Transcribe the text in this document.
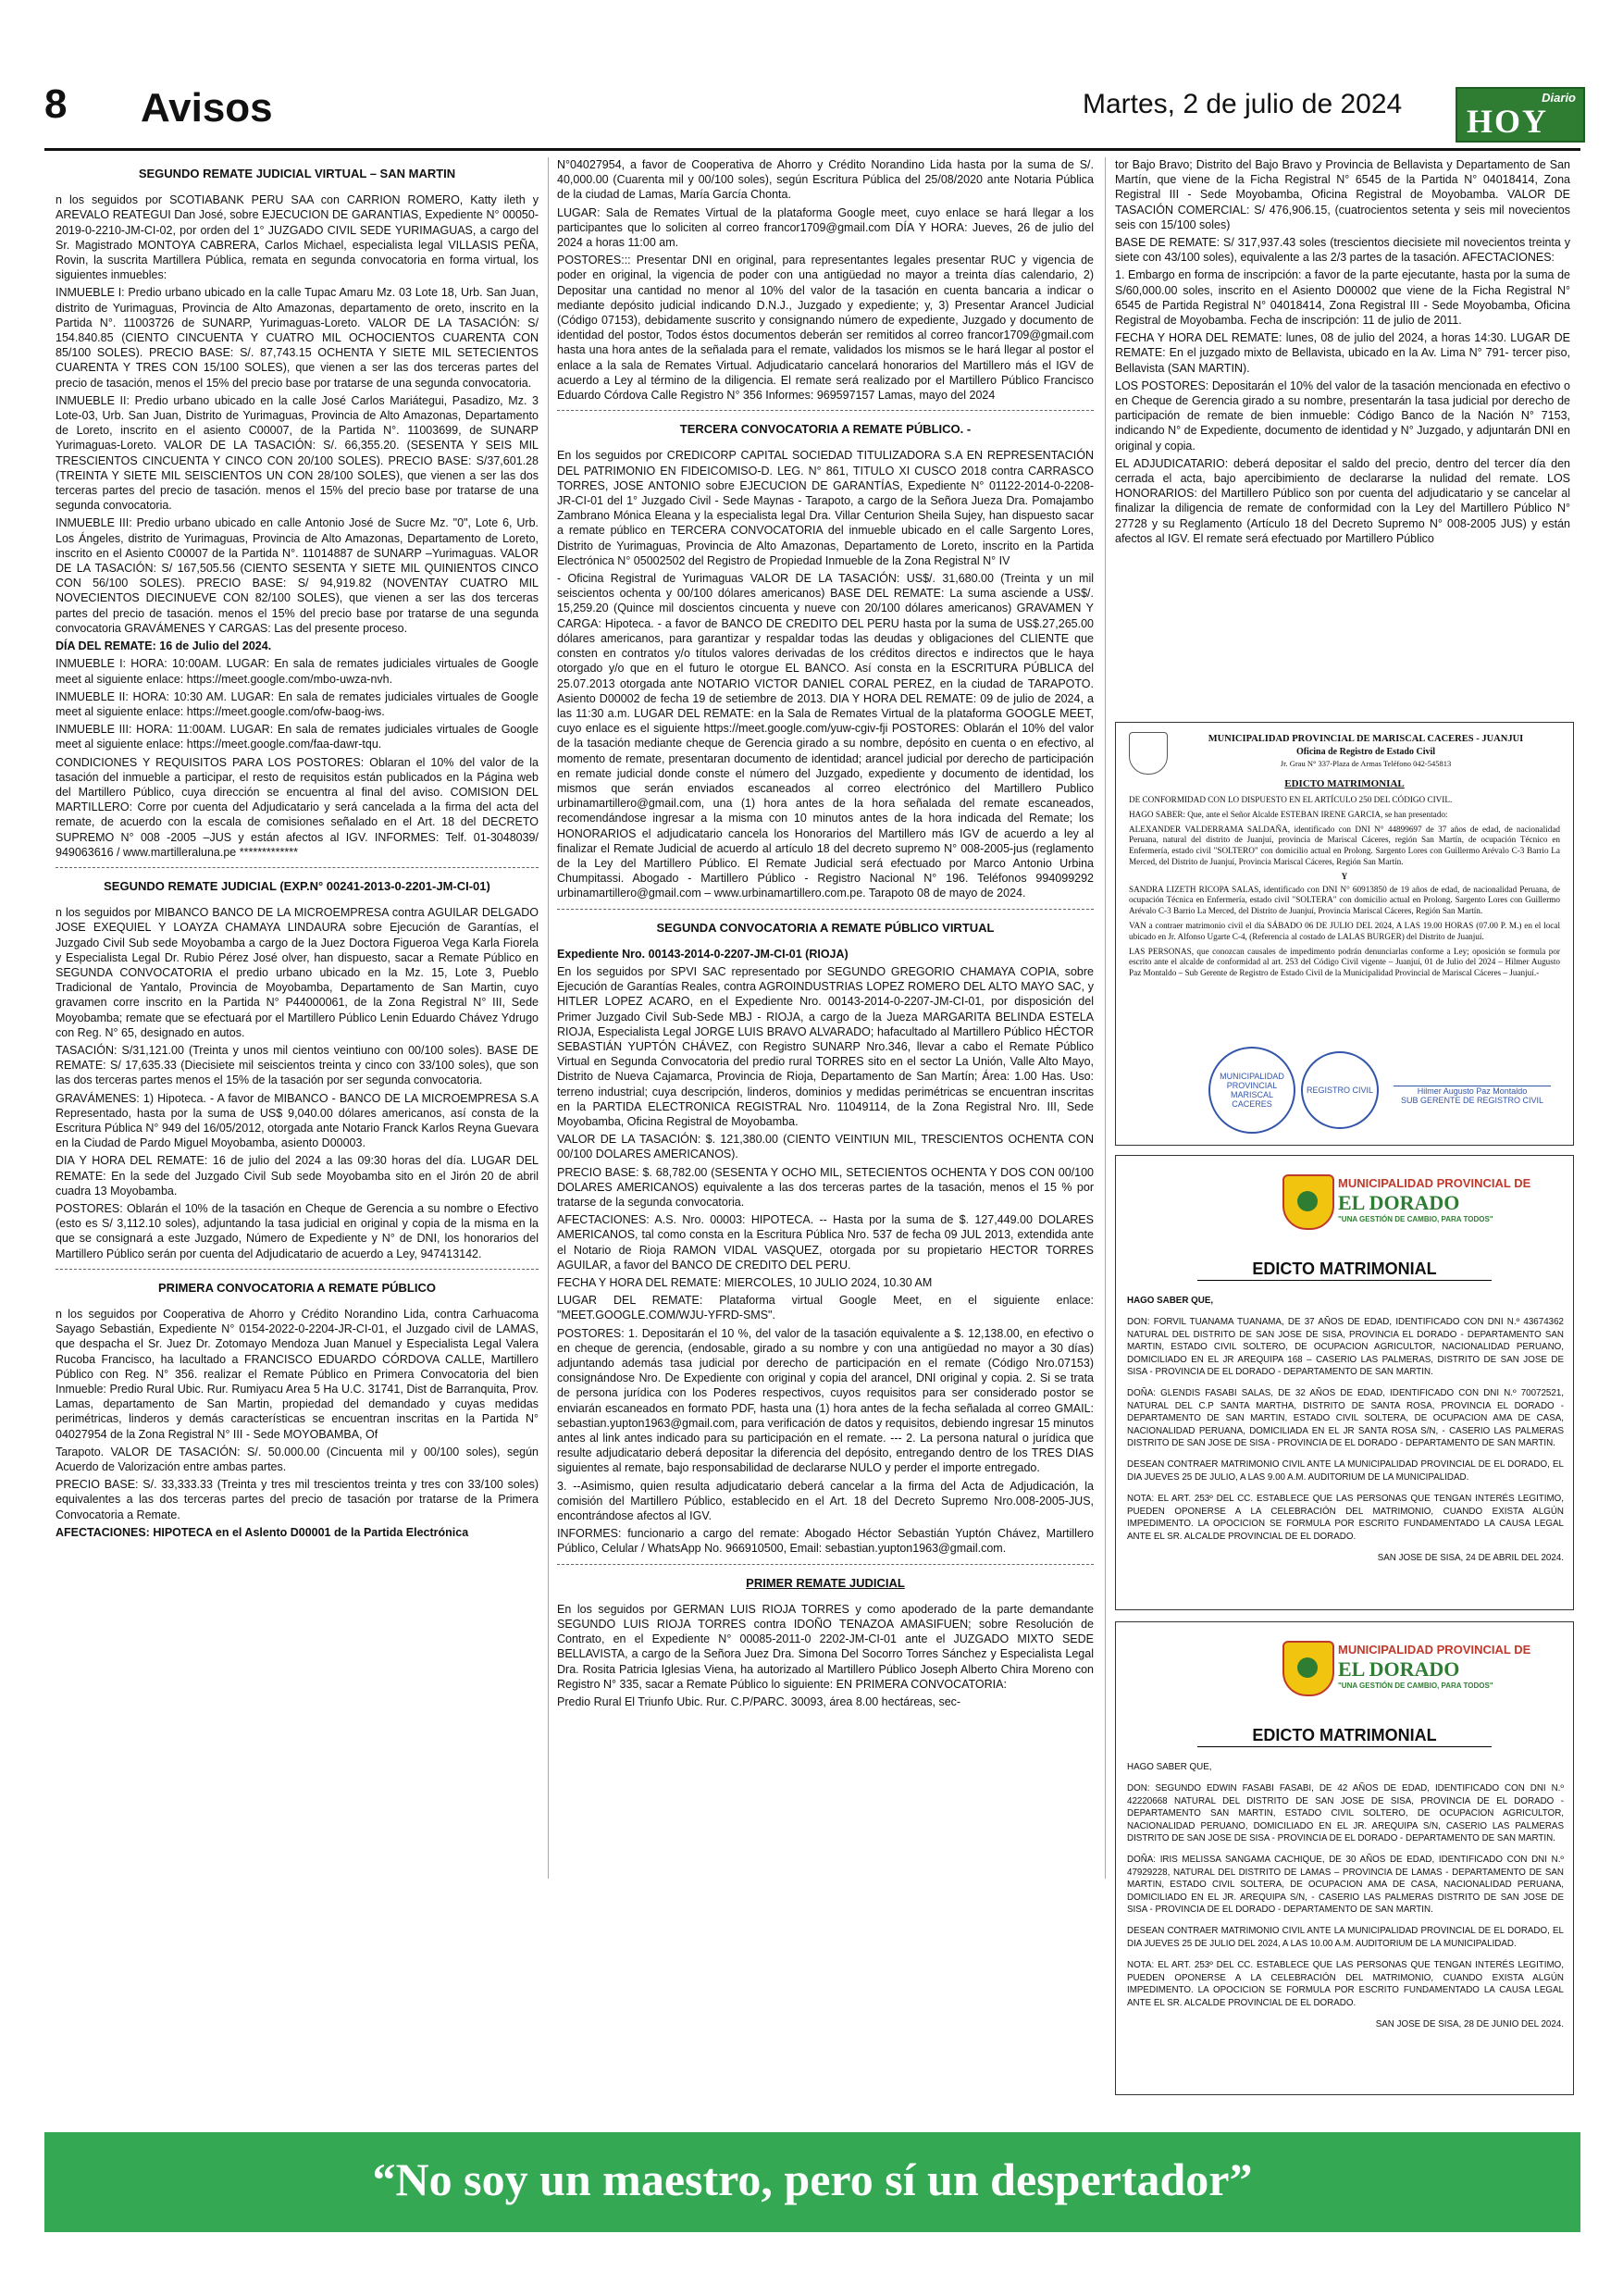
8 Avisos	Martes, 2 de julio de 2024	Diario
HOY
SEGUNDO REMATE JUDICIAL VIRTUAL – SAN MARTIN

n los seguidos por SCOTIABANK PERU SAA con CARRION ROMERO, Katty ileth y AREVALO REATEGUI Dan José, sobre EJECUCION DE GARANTIAS, Expediente N° 00050-2019-0-2210-JM-CI-02, por orden del 1° JUZGADO CIVIL SEDE YURIMAGUAS, a cargo del Sr. Magistrado MONTOYA CABRERA, Carlos Michael, especialista legal VILLASIS PEÑA, Rovin, la suscrita Martillera Pública, remata en segunda convocatoria en forma virtual, los siguientes inmuebles:

INMUEBLE I: Predio urbano ubicado en la calle Tupac Amaru Mz. 03 Lote 18, Urb. San Juan, distrito de Yurimaguas, Provincia de Alto Amazonas, departamento de oreto, inscrito en la Partida N°. 11003726 de SUNARP, Yurimaguas-Loreto. VALOR DE LA TASACIÓN: S/ 154.840.85 (CIENTO CINCUENTA Y CUATRO MIL OCHOCIENTOS CUARENTA CON 85/100 SOLES). PRECIO BASE: S/. 87,743.15 OCHENTA Y SIETE MIL SETECIENTOS CUARENTA Y TRES CON 15/100 SOLES), que vienen a ser las dos terceras partes del precio de tasación, menos el 15% del precio base por tratarse de una segunda convocatoria.

INMUEBLE II: Predio urbano ubicado en la calle José Carlos Mariátegui, Pasadizo, Mz. 3 Lote-03, Urb. San Juan, Distrito de Yurimaguas, Provincia de Alto Amazonas, Departamento de Loreto, inscrito en el asiento C00007, de la Partida N°. 11003699, de SUNARP Yurimaguas-Loreto. VALOR DE LA TASACIÓN: S/. 66,355.20. (SESENTA Y SEIS MIL TRESCIENTOS CINCUENTA Y CINCO CON 20/100 SOLES). PRECIO BASE: S/37,601.28 (TREINTA Y SIETE MIL SEISCIENTOS UN CON 28/100 SOLES), que vienen a ser las dos terceras partes del precio de tasación. menos el 15% del precio base por tratarse de una segunda convocatoria.

INMUEBLE III: Predio urbano ubicado en calle Antonio José de Sucre Mz. "0", Lote 6, Urb. Los Ángeles, distrito de Yurimaguas, Provincia de Alto Amazonas, Departamento de Loreto, inscrito en el Asiento C00007 de la Partida N°. 11014887 de SUNARP –Yurimaguas. VALOR DE LA TASACIÓN: S/ 167,505.56 (CIENTO SESENTA Y SIETE MIL QUINIENTOS CINCO CON 56/100 SOLES). PRECIO BASE: S/ 94,919.82 (NOVENTAY CUATRO MIL NOVECIENTOS DIECINUEVE CON 82/100 SOLES), que vienen a ser las dos terceras partes del precio de tasación. menos el 15% del precio base por tratarse de una segunda convocatoria GRAVÁMENES Y CARGAS: Las del presente proceso.

DÍA DEL REMATE: 16 de Julio del 2024.

INMUEBLE I: HORA: 10:00AM. LUGAR: En sala de remates judiciales virtuales de Google meet al siguiente enlace: https://meet.google.com/mbo-uwza-nvh.

INMUEBLE II: HORA: 10:30 AM. LUGAR: En sala de remates judiciales virtuales de Google meet al siguiente enlace: https://meet.google.com/ofw-baog-iws.

INMUEBLE III: HORA: 11:00AM. LUGAR: En sala de remates judiciales virtuales de Google meet al siguiente enlace: https://meet.google.com/faa-dawr-tqu.

CONDICIONES Y REQUISITOS PARA LOS POSTORES: Oblaran el 10% del valor de la tasación del inmueble a participar, el resto de requisitos están publicados en la Página web del Martillero Público, cuya dirección se encuentra al final del aviso. COMISION DEL MARTILLERO: Corre por cuenta del Adjudicatario y será cancelada a la firma del acta del remate, de acuerdo con la escala de comisiones señalado en el Art. 18 del DECRETO SUPREMO N° 008 -2005 –JUS y están afectos al IGV. INFORMES: Telf. 01-3048039/ 949063616 / www.martilleraluna.pe *************

SEGUNDO REMATE JUDICIAL (EXP.N° 00241-2013-0-2201-JM-CI-01)

n los seguidos por MIBANCO BANCO DE LA MICROEMPRESA contra AGUILAR DELGADO JOSE EXEQUIEL Y LOAYZA CHAMAYA LINDAURA sobre Ejecución de Garantías, el Juzgado Civil Sub sede Moyobamba a cargo de la Juez Doctora Figueroa Vega Karla Fiorela y Especialista Legal Dr. Rubio Pérez José olver, han dispuesto, sacar a Remate Público en SEGUNDA CONVOCATORIA el predio urbano ubicado en la Mz. 15, Lote 3, Pueblo Tradicional de Yantalo, Provincia de Moyobamba, Departamento de San Martin, cuyo gravamen corre inscrito en la Partida N° P44000061, de la Zona Registral N° III, Sede Moyobamba; remate que se efectuará por el Martillero Público Lenin Eduardo Chávez Ydrugo con Reg. N° 65, designado en autos.

TASACIÓN: S/31,121.00 (Treinta y unos mil cientos veintiuno con 00/100 soles). BASE DE REMATE: S/ 17,635.33 (Diecisiete mil seiscientos treinta y cinco con 33/100 soles), que son las dos terceras partes menos el 15% de la tasación por ser segunda convocatoria.

GRAVÁMENES: 1) Hipoteca. - A favor de MIBANCO - BANCO DE LA MICROEMPRESA S.A Representado, hasta por la suma de US$ 9,040.00 dólares americanos, así consta de la Escritura Pública N° 949 del 16/05/2012, otorgada ante Notario Franck Karlos Reyna Guevara en la Ciudad de Pardo Miguel Moyobamba, asiento D00003.

DIA Y HORA DEL REMATE: 16 de julio del 2024 a las 09:30 horas del día. LUGAR DEL REMATE: En la sede del Juzgado Civil Sub sede Moyobamba sito en el Jirón 20 de abril cuadra 13 Moyobamba.

POSTORES: Oblarán el 10% de la tasación en Cheque de Gerencia a su nombre o Efectivo (esto es S/ 3,112.10 soles), adjuntando la tasa judicial en original y copia de la misma en la que se consignará a este Juzgado, Número de Expediente y N° de DNI, los honorarios del Martillero Público serán por cuenta del Adjudicatario de acuerdo a Ley, 947413142.

PRIMERA CONVOCATORIA A REMATE PÚBLICO

n los seguidos por Cooperativa de Ahorro y Crédito Norandino Lida, contra Carhuacoma Sayago Sebastián, Expediente N° 0154-2022-0-2204-JR-CI-01, el Juzgado civil de LAMAS, que despacha el Sr. Juez Dr. Zotomayo Mendoza Juan Manuel y Especialista Legal Valera Rucoba Francisco, ha lacultado a FRANCISCO EDUARDO CÓRDOVA CALLE, Martillero Público con Reg. N° 356. realizar el Remate Público en Primera Convocatoria del bien Inmueble: Predio Rural Ubic. Rur. Rumiyacu Area 5 Ha U.C. 31741, Dist de Barranquita, Prov. Lamas, departamento de San Martin, propiedad del demandado y cuyas medidas perimétricas, linderos y demás características se encuentran inscritas en la Partida N° 04027954 de la Zona Registral N° III - Sede MOYOBAMBA, Of

Tarapoto. VALOR DE TASACIÓN: S/. 50.000.00 (Cincuenta mil y 00/100 soles), según Acuerdo de Valorización entre ambas partes.

PRECIO BASE: S/. 33,333.33 (Treinta y tres mil trescientos treinta y tres con 33/100 soles) equivalentes a las dos terceras partes del precio de tasación por tratarse de la Primera Convocatoria a Remate.

AFECTACIONES: HIPOTECA en el Aslento D00001 de la Partida Electrónica

N°04027954, a favor de Cooperativa de Ahorro y Crédito Norandino Lida hasta por la suma de S/. 40,000.00 (Cuarenta mil y 00/100 soles), según Escritura Pública del 25/08/2020 ante Notaria Pública de la ciudad de Lamas, María García Chonta.

LUGAR: Sala de Remates Virtual de la plataforma Google meet, cuyo enlace se hará llegar a los participantes que lo soliciten al correo francor1709@gmail.com DÍA Y HORA: Jueves, 26 de julio del 2024 a horas 11:00 am.

POSTORES::: Presentar DNI en original, para representantes legales presentar RUC y vigencia de poder en original, la vigencia de poder con una antigüedad no mayor a treinta días calendario, 2) Depositar una cantidad no menor al 10% del valor de la tasación en cuenta bancaria a indicar o mediante depósito judicial indicando D.N.J., Juzgado y expediente; y, 3) Presentar Arancel Judicial (Código 07153), debidamente suscrito y consignando número de expediente, Juzgado y documento de identidad del postor, Todos éstos documentos deberán ser remitidos al correo francor1709@gmail.com hasta una hora antes de la señalada para el remate, validados los mismos se le hará llegar al postor el enlace a la sala de Remates Virtual. Adjudicatario cancelará honorarios del Martillero más el IGV de acuerdo a Ley al término de la diligencia. El remate será realizado por el Martillero Público Francisco Eduardo Córdova Calle Registro N° 356 Informes: 969597157 Lamas, mayo del 2024

TERCERA CONVOCATORIA A REMATE PÚBLICO. -

En los seguidos por CREDICORP CAPITAL SOCIEDAD TITULIZADORA S.A EN REPRESENTACIÓN DEL PATRIMONIO EN FIDEICOMISO-D. LEG. N° 861, TITULO XI CUSCO 2018 contra CARRASCO TORRES, JOSE ANTONIO sobre EJECUCION DE GARANTÍAS, Expediente N° 01122-2014-0-2208-JR-CI-01 del 1° Juzgado Civil - Sede Maynas - Tarapoto, a cargo de la Señora Jueza Dra. Pomajambo Zambrano Mónica Eleana y la especialista legal Dra. Villar Centurion Sheila Sujey, han dispuesto sacar a remate público en TERCERA CONVOCATORIA del inmueble ubicado en el calle Sargento Lores, Distrito de Yurimaguas, Provincia de Alto Amazonas, Departamento de Loreto, inscrito en la Partida Electrónica N° 05002502 del Registro de Propiedad Inmueble de la Zona Registral N° IV

- Oficina Registral de Yurimaguas VALOR DE LA TASACIÓN: US$/. 31,680.00 (Treinta y un mil seiscientos ochenta y 00/100 dólares americanos) BASE DEL REMATE: La suma asciende a US$/. 15,259.20 (Quince mil doscientos cincuenta y nueve con 20/100 dólares americanos) GRAVAMEN Y CARGA: Hipoteca. - a favor de BANCO DE CREDITO DEL PERU hasta por la suma de US$.27,265.00 dólares americanos, para garantizar y respaldar todas las deudas y obligaciones del CLIENTE que consten en contratos y/o títulos valores derivadas de los créditos directos e indirectos que le haya otorgado y/o que en el futuro le otorgue EL BANCO. Así consta en la ESCRITURA PÚBLICA del 25.07.2013 otorgada ante NOTARIO VICTOR DANIEL CORAL PEREZ, en la ciudad de TARAPOTO. Asiento D00002 de fecha 19 de setiembre de 2013. DIA Y HORA DEL REMATE: 09 de julio de 2024, a las 11:30 a.m. LUGAR DEL REMATE: en la Sala de Remates Virtual de la plataforma GOOGLE MEET, cuyo enlace es el siguiente https://meet.google.com/yuw-cgiv-fji POSTORES: Oblarán el 10% del valor de la tasación mediante cheque de Gerencia girado a su nombre, depósito en cuenta o en efectivo, al momento de remate, presentaran documento de identidad; arancel judicial por derecho de participación en remate judicial donde conste el número del Juzgado, expediente y documento de identidad, los mismos que serán enviados escaneados al correo electrónico del Martillero Publico urbinamartillero@gmail.com, una (1) hora antes de la hora señalada del remate escaneados, recomendándose ingresar a la misma con 10 minutos antes de la hora indicada del Remate; los HONORARIOS el adjudicatario cancela los Honorarios del Martillero más IGV de acuerdo a ley al finalizar el Remate Judicial de acuerdo al artículo 18 del decreto supremo N° 008-2005-jus (reglamento de la Ley del Martillero Público. El Remate Judicial será efectuado por Marco Antonio Urbina Chumpitassi. Abogado - Martillero Público - Registro Nacional N° 196. Teléfonos 994099292 urbinamartillero@gmail.com – www.urbinamartillero.com.pe. Tarapoto 08 de mayo de 2024.

SEGUNDA CONVOCATORIA A REMATE PÚBLICO VIRTUAL

Expediente Nro. 00143-2014-0-2207-JM-CI-01 (RIOJA)

En los seguidos por SPVI SAC representado por SEGUNDO GREGORIO CHAMAYA COPIA, sobre Ejecución de Garantías Reales, contra AGROINDUSTRIAS LOPEZ ROMERO DEL ALTO MAYO SAC, y HITLER LOPEZ ACARO, en el Expediente Nro. 00143-2014-0-2207-JM-CI-01, por disposición del Primer Juzgado Civil Sub-Sede MBJ - RIOJA, a cargo de la Jueza MARGARITA BELINDA ESTELA RIOJA, Especialista Legal JORGE LUIS BRAVO ALVARADO; hafacultado al Martillero Público HÉCTOR SEBASTIÁN YUPTÓN CHÁVEZ, con Registro SUNARP Nro.346, llevar a cabo el Remate Público Virtual en Segunda Convocatoria del predio rural TORRES sito en el sector La Unión, Valle Alto Mayo, Distrito de Nueva Cajamarca, Provincia de Rioja, Departamento de San Martín; Área: 1.00 Has. Uso: terreno industrial; cuya descripción, linderos, dominios y medidas perimétricas se encuentran inscritas en la PARTIDA ELECTRONICA REGISTRAL Nro. 11049114, de la Zona Registral Nro. III, Sede Moyobamba, Oficina Registral de Moyobamba.

VALOR DE LA TASACIÓN: $. 121,380.00 (CIENTO VEINTIUN MIL, TRESCIENTOS OCHENTA CON 00/100 DOLARES AMERICANOS).

PRECIO BASE: $. 68,782.00 (SESENTA Y OCHO MIL, SETECIENTOS OCHENTA Y DOS CON 00/100 DOLARES AMERICANOS) equivalente a las dos terceras partes de la tasación, menos el 15 % por tratarse de la segunda convocatoria.

AFECTACIONES: A.S. Nro. 00003: HIPOTECA. -- Hasta por la suma de $. 127,449.00 DOLARES AMERICANOS, tal como consta en la Escritura Pública Nro. 537 de fecha 09 JUL 2013, extendida ante el Notario de Rioja RAMON VIDAL VASQUEZ, otorgada por su propietario HECTOR TORRES AGUILAR, a favor del BANCO DE CREDITO DEL PERU.

FECHA Y HORA DEL REMATE: MIERCOLES, 10 JULIO 2024, 10.30 AM

LUGAR DEL REMATE: Plataforma virtual Google Meet, en el siguiente enlace: "MEET.GOOGLE.COM/WJU-YFRD-SMS".

POSTORES: 1. Depositarán el 10 %, del valor de la tasación equivalente a $. 12,138.00, en efectivo o en cheque de gerencia, (endosable, girado a su nombre y con una antigüedad no mayor a 30 días) adjuntando además tasa judicial por derecho de participación en el remate (Código Nro.07153) consignándose Nro. De Expediente con original y copia del arancel, DNI original y copia. 2. Si se trata de persona jurídica con los Poderes respectivos, cuyos requisitos para ser considerado postor se enviarán escaneados en formato PDF, hasta una (1) hora antes de la fecha señalada al correo GMAIL: sebastian.yupton1963@gmail.com, para verificación de datos y requisitos, debiendo ingresar 15 minutos antes al link antes indicado para su participación en el remate. --- 2. La persona natural o jurídica que resulte adjudicatario deberá depositar la diferencia del depósito, entregando dentro de los TRES DIAS siguientes al remate, bajo responsabilidad de declararse NULO y perder el importe entregado.

3. --Asimismo, quien resulta adjudicatario deberá cancelar a la firma del Acta de Adjudicación, la comisión del Martillero Público, establecido en el Art. 18 del Decreto Supremo Nro.008-2005-JUS, encontrándose afectos al IGV.

INFORMES: funcionario a cargo del remate: Abogado Héctor Sebastián Yuptón Chávez, Martillero Público, Celular / WhatsApp No. 966910500, Email: sebastian.yupton1963@gmail.com.

PRIMER REMATE JUDICIAL

En los seguidos por GERMAN LUIS RIOJA TORRES y como apoderado de la parte demandante SEGUNDO LUIS RIOJA TORRES contra IDOÑO TENAZOA AMASIFUEN; sobre Resolución de Contrato, en el Expediente N° 00085-2011-0 2202-JM-CI-01 ante el JUZGADO MIXTO SEDE BELLAVISTA, a cargo de la Señora Juez Dra. Simona Del Socorro Torres Sánchez y Especialista Legal Dra. Rosita Patricia Iglesias Viena, ha autorizado al Martillero Público Joseph Alberto Chira Moreno con Registro N° 335, sacar a Remate Público lo siguiente: EN PRIMERA CONVOCATORIA:

Predio Rural El Triunfo Ubic. Rur. C.P/PARC. 30093, área 8.00 hectáreas, sec-

tor Bajo Bravo; Distrito del Bajo Bravo y Provincia de Bellavista y Departamento de San Martín, que viene de la Ficha Registral N° 6545 de la Partida N° 04018414, Zona Registral III - Sede Moyobamba, Oficina Registral de Moyobamba. VALOR DE TASACIÓN COMERCIAL: S/ 476,906.15, (cuatrocientos setenta y seis mil novecientos seis con 15/100 soles)

BASE DE REMATE: S/ 317,937.43 soles (trescientos diecisiete mil novecientos treinta y siete con 43/100 soles), equivalente a las 2/3 partes de la tasación. AFECTACIONES:

1. Embargo en forma de inscripción: a favor de la parte ejecutante, hasta por la suma de S/60,000.00 soles, inscrito en el Asiento D00002 que viene de la Ficha Registral N° 6545 de Partida Registral N° 04018414, Zona Registral III - Sede Moyobamba, Oficina Registral de Moyobamba. Fecha de inscripción: 11 de julio de 2011.

FECHA Y HORA DEL REMATE: lunes, 08 de julio del 2024, a horas 14:30. LUGAR DE REMATE: En el juzgado mixto de Bellavista, ubicado en la Av. Lima N° 791- tercer piso, Bellavista (SAN MARTIN).

LOS POSTORES: Depositarán el 10% del valor de la tasación mencionada en efectivo o en Cheque de Gerencia girado a su nombre, presentarán la tasa judicial por derecho de participación de remate de bien inmueble: Código Banco de la Nación N° 7153, indicando N° de Expediente, documento de identidad y N° Juzgado, y adjuntarán DNI en original y copia.

EL ADJUDICATARIO: deberá depositar el saldo del precio, dentro del tercer día den cerrada el acta, bajo apercibimiento de declararse la nulidad del remate. LOS HONORARIOS: del Martillero Público son por cuenta del adjudicatario y se cancelar al finalizar la diligencia de remate de conformidad con la Ley del Martillero Público N° 27728 y su Reglamento (Artículo 18 del Decreto Supremo N° 008-2005 JUS) y están afectos al IGV. El remate será efectuado por Martillero Público

MUNICIPALIDAD PROVINCIAL DE MARISCAL CACERES - JUANJUI
Oficina de Registro de Estado Civil
Jr. Grau N° 337-Plaza de Armas Teléfono 042-545813
EDICTO MATRIMONIAL

DE CONFORMIDAD CON LO DISPUESTO EN EL ARTÍCULO 250 DEL CÓDIGO CIVIL.

HAGO SABER: Que, ante el Señor Alcalde ESTEBAN IRENE GARCIA, se han presentado:

ALEXANDER VALDERRAMA SALDAÑA, identificado con DNI N° 44899697 de 37 años de edad, de nacionalidad Peruana, natural del distrito de Juanjuí, provincia de Mariscal Cáceres, región San Martín, de ocupación Técnico en Enfermería, estado civil "SOLTERO" con domicilio actual en Prolong. Sargento Lores con Guillermo Arévalo C-3 Barrio La Merced, del Distrito de Juanjuí, Provincia Mariscal Cáceres, Región San Martín.

Y

SANDRA LIZETH RICOPA SALAS, identificado con DNI N° 60913850 de 19 años de edad, de nacionalidad Peruana, de ocupación Técnica en Enfermería, estado civil "SOLTERA" con domicilio actual en Prolong. Sargento Lores con Guillermo Arévalo C-3 Barrio La Merced, del Distrito de Juanjuí, Provincia Mariscal Cáceres, Región San Martín.

VAN a contraer matrimonio civil el día SÁBADO 06 DE JULIO DEL 2024, A LAS 19.00 HORAS (07.00 P. M.) en el local ubicado en Jr. Alfonso Ugarte C-4, (Referencia al costado de LALAS BURGER) del Distrito de Juanjuí.

LAS PERSONAS, que conozcan causales de impedimento podrán denunciarlas conforme a Ley; oposición se formula por escrito ante el alcalde de conformidad al art. 253 del Código Civil vigente – Juanjuí, 01 de Julio del 2024 – Hilmer Augusto Paz Montaldo – Sub Gerente de Registro de Estado Civil de la Municipalidad Provincial de Mariscal Cáceres – Juanjuí.-

MUNICIPALIDAD PROVINCIAL MARISCAL CACERES
REGISTRO CIVIL	Hilmer Augusto Paz Montaldo
SUB GERENTE DE REGISTRO CIVIL
MUNICIPALIDAD PROVINCIAL DE
EL DORADO
"UNA GESTIÓN DE CAMBIO, PARA TODOS"
EDICTO MATRIMONIAL

HAGO SABER QUE,

DON: FORVIL TUANAMA TUANAMA, DE 37 AÑOS DE EDAD, IDENTIFICADO CON DNI N.º 43674362 NATURAL DEL DISTRITO DE SAN JOSE DE SISA, PROVINCIA EL DORADO - DEPARTAMENTO SAN MARTIN, ESTADO CIVIL SOLTERO, DE OCUPACION AGRICULTOR, NACIONALIDAD PERUANO, DOMICILIADO EN EL JR AREQUIPA 168 – CASERIO LAS PALMERAS, DISTRITO DE SAN JOSE DE SISA - PROVINCIA DE EL DORADO - DEPARTAMENTO DE SAN MARTIN.

DOÑA: GLENDIS FASABI SALAS, DE 32 AÑOS DE EDAD, IDENTIFICADO CON DNI N.º 70072521, NATURAL DEL C.P SANTA MARTHA, DISTRITO DE SANTA ROSA, PROVINCIA EL DORADO - DEPARTAMENTO DE SAN MARTIN, ESTADO CIVIL SOLTERA, DE OCUPACION AMA DE CASA, NACIONALIDAD PERUANA, DOMICILIADA EN EL JR SANTA ROSA S/N, - CASERIO LAS PALMERAS DISTRITO DE SAN JOSE DE SISA - PROVINCIA DE EL DORADO - DEPARTAMENTO DE SAN MARTIN.

DESEAN CONTRAER MATRIMONIO CIVIL ANTE LA MUNICIPALIDAD PROVINCIAL DE EL DORADO, EL DIA JUEVES 25 DE JULIO, A LAS 9.00 A.M. AUDITORIUM DE LA MUNICIPALIDAD.

NOTA: EL ART. 253º DEL CC. ESTABLECE QUE LAS PERSONAS QUE TENGAN INTERÉS LEGITIMO, PUEDEN OPONERSE A LA CELEBRACIÓN DEL MATRIMONIO, CUANDO EXISTA ALGÚN IMPEDIMENTO. LA OPOCICION SE FORMULA POR ESCRITO FUNDAMENTADO LA CAUSA LEGAL ANTE EL SR. ALCALDE PROVINCIAL DE EL DORADO.

SAN JOSE DE SISA, 24 DE ABRIL DEL 2024.

MUNICIPALIDAD PROVINCIAL DE
EL DORADO
"UNA GESTIÓN DE CAMBIO, PARA TODOS"
EDICTO MATRIMONIAL

HAGO SABER QUE,

DON: SEGUNDO EDWIN FASABI FASABI, DE 42 AÑOS DE EDAD, IDENTIFICADO CON DNI N.º 42220668 NATURAL DEL DISTRITO DE SAN JOSE DE SISA, PROVINCIA DE EL DORADO - DEPARTAMENTO SAN MARTIN, ESTADO CIVIL SOLTERO, DE OCUPACION AGRICULTOR, NACIONALIDAD PERUANO, DOMICILIADO EN EL JR. AREQUIPA S/N, CASERIO LAS PALMERAS DISTRITO DE SAN JOSE DE SISA - PROVINCIA DE EL DORADO - DEPARTAMENTO DE SAN MARTIN.

DOÑA: IRIS MELISSA SANGAMA CACHIQUE, DE 30 AÑOS DE EDAD, IDENTIFICADO CON DNI N.º 47929228, NATURAL DEL DISTRITO DE LAMAS – PROVINCIA DE LAMAS - DEPARTAMENTO DE SAN MARTIN, ESTADO CIVIL SOLTERA, DE OCUPACION AMA DE CASA, NACIONALIDAD PERUANA, DOMICILIADO EN EL JR. AREQUIPA S/N, - CASERIO LAS PALMERAS DISTRITO DE SAN JOSE DE SISA - PROVINCIA DE EL DORADO - DEPARTAMENTO DE SAN MARTIN.

DESEAN CONTRAER MATRIMONIO CIVIL ANTE LA MUNICIPALIDAD PROVINCIAL DE EL DORADO, EL DIA JUEVES 25 DE JULIO DEL 2024, A LAS 10.00 A.M. AUDITORIUM DE LA MUNICIPALIDAD.

NOTA: EL ART. 253º DEL CC. ESTABLECE QUE LAS PERSONAS QUE TENGAN INTERÉS LEGITIMO, PUEDEN OPONERSE A LA CELEBRACIÓN DEL MATRIMONIO, CUANDO EXISTA ALGÚN IMPEDIMENTO. LA OPOCICION SE FORMULA POR ESCRITO FUNDAMENTADO LA CAUSA LEGAL ANTE EL SR. ALCALDE PROVINCIAL DE EL DORADO.

SAN JOSE DE SISA, 28 DE JUNIO DEL 2024.

“No soy un maestro, pero sí un despertador”
